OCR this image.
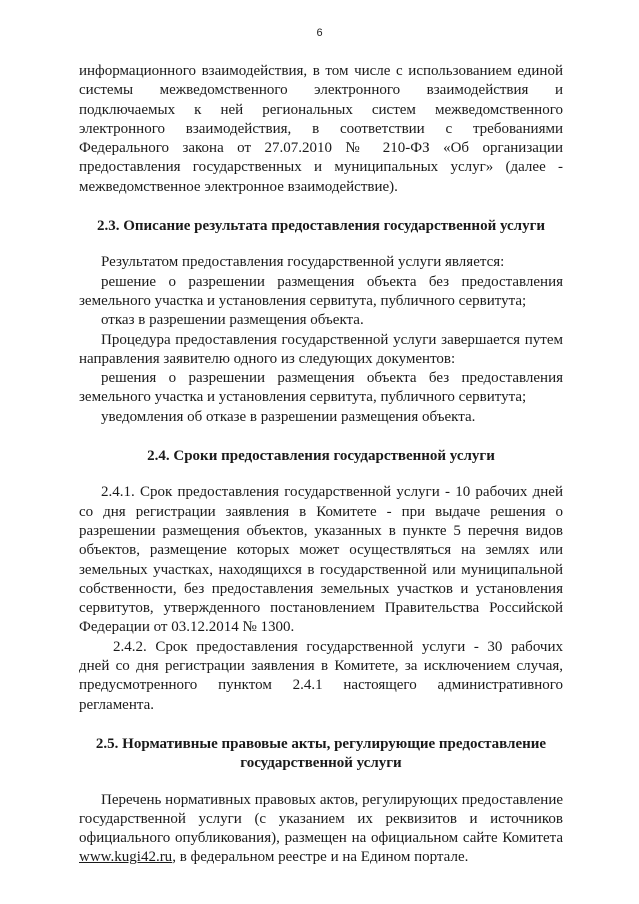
6

информационного взаимодействия, в том числе с использованием единой системы межведомственного электронного взаимодействия и подключаемых к ней региональных систем межведомственного электронного взаимодействия, в соответствии с требованиями Федерального закона от 27.07.2010 № 210-ФЗ «Об организации предоставления государственных и муниципальных услуг» (далее - межведомственное электронное взаимодействие).

2.3. Описание результата предоставления государственной услуги

Результатом предоставления государственной услуги является:

решение о разрешении размещения объекта без предоставления земельного участка и установления сервитута, публичного сервитута;

отказ в разрешении размещения объекта.

Процедура предоставления государственной услуги завершается путем направления заявителю одного из следующих документов:

решения о разрешении размещения объекта без предоставления земельного участка и установления сервитута, публичного сервитута;

уведомления об отказе в разрешении размещения объекта.

2.4. Сроки предоставления государственной услуги

2.4.1. Срок предоставления государственной услуги - 10 рабочих дней со дня регистрации заявления в Комитете - при выдаче решения о разрешении размещения объектов, указанных в пункте 5 перечня видов объектов, размещение которых может осуществляться на землях или земельных участках, находящихся в государственной или муниципальной собственности, без предоставления земельных участков и установления сервитутов, утвержденного постановлением Правительства Российской Федерации от 03.12.2014 № 1300.

2.4.2. Срок предоставления государственной услуги - 30 рабочих дней со дня регистрации заявления в Комитете, за исключением случая, предусмотренного пунктом 2.4.1 настоящего административного регламента.

2.5. Нормативные правовые акты, регулирующие предоставление
государственной услуги

Перечень нормативных правовых актов, регулирующих предоставление государственной услуги (с указанием их реквизитов и источников официального опубликования), размещен на официальном сайте Комитета www.kugi42.ru, в федеральном реестре и на Едином портале.
